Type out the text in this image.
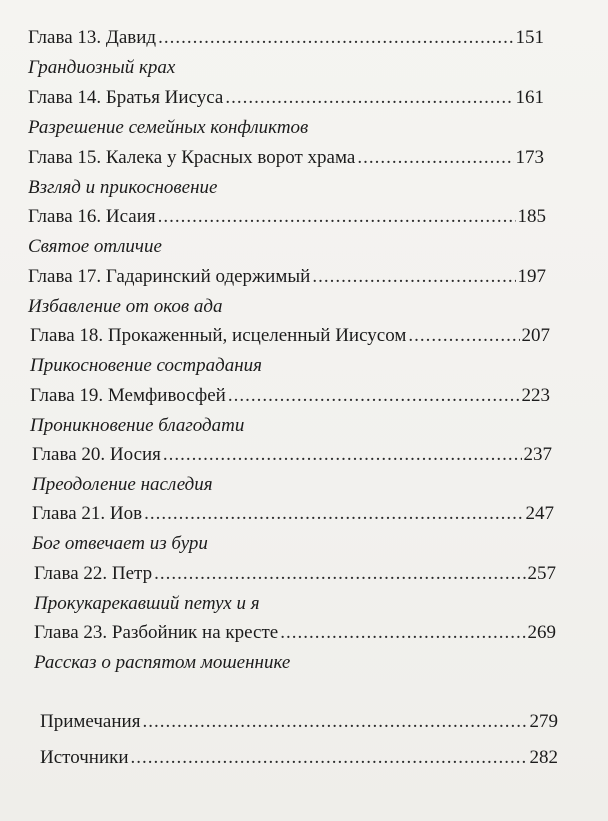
Глава 13. Давид .....	151
Грандиозный крах
Глава 14. Братья Иисуса .....	161
Разрешение семейных конфликтов
Глава 15. Калека у Красных ворот храма .....	173
Взгляд и прикосновение
Глава 16. Исаия .....	185
Святое отличие
Глава 17. Гадаринский одержимый .....	197
Избавление от оков ада
Глава 18. Прокаженный, исцеленный Иисусом .....	207
Прикосновение сострадания
Глава 19. Мемфивосфей .....	223
Проникновение благодати
Глава 20. Иосия .....	237
Преодоление наследия
Глава 21. Иов .....	247
Бог отвечает из бури
Глава 22. Петр .....	257
Прокукарекавший петух и я
Глава 23. Разбойник на кресте .....	269
Рассказ о распятом мошеннике
Примечания .....	279
Источники .....	282
